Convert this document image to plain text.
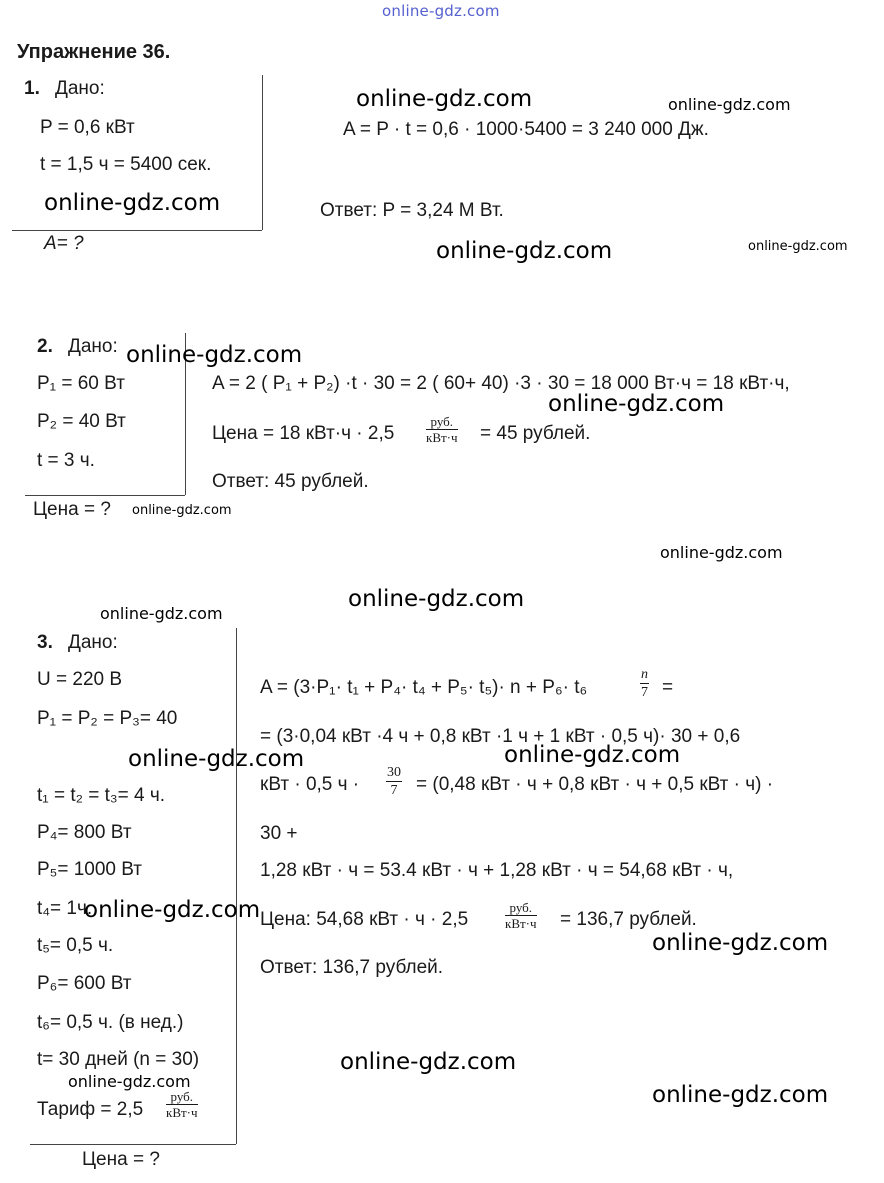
online-gdz.com
Упражнение 36.
1. Дано:
P = 0,6 кВт
t = 1,5 ч = 5400 сек.
A= ?
A = P · t = 0,6 · 1000·5400 = 3 240 000 Дж.
Ответ: P = 3,24 М Вт.
2. Дано:
P₁ = 60 Вт
P₂ = 40 Вт
t = 3 ч.
Цена = ?
A = 2 ( P₁ + P₂) ·t · 30 = 2 ( 60+ 40) ·3 · 30 = 18 000 Вт·ч = 18 кВт·ч,
Цена = 18 кВт·ч · 2,5
руб.
кВт·ч = 45 рублей.
Ответ: 45 рублей.
3. Дано:
U = 220 В
P₁ = P₂ = P₃= 40
t₁ = t₂ = t₃= 4 ч.
P₄= 800 Вт
P₅= 1000 Вт
t₄= 1ч.
t₅= 0,5 ч.
P₆= 600 Вт
t₆= 0,5 ч. (в нед.)
t= 30 дней (n = 30)
Тариф = 2,5
руб.
кВт·ч
Цена = ?
A = (3·P₁· t₁ + P₄· t₄ + P₅· t₅)· n + P₆· t₆	$\frac{n}{7}$ =
= (3·0,04 кВт ·4 ч + 0,8 кВт ·1 ч + 1 кВт · 0,5 ч)· 30 + 0,6
кВт · 0,5 $ч \cdot \frac{30}{7} = (0,48$ кВт · ч + 0,8 кВт · ч + 0,5 кВт · ч) ·
30 +
1,28 кВт · ч = 53.4 кВт · ч + 1,28 кВт · ч = 54,68 кВт · ч,
Цена: 54,68 кВт · ч · 2,5
руб.
кВт·ч = 136,7 рублей.
Ответ: 136,7 рублей.
online-gdz.com	online-gdz.com
online-gdz.com
online-gdz.com	online-gdz.com
online-gdz.com
online-gdz.com
online-gdz.com
online-gdz.com
online-gdz.com
online-gdz.com
online-gdz.com	online-gdz.com
online-gdz.com
online-gdz.com
online-gdz.com
online-gdz.com
online-gdz.com
